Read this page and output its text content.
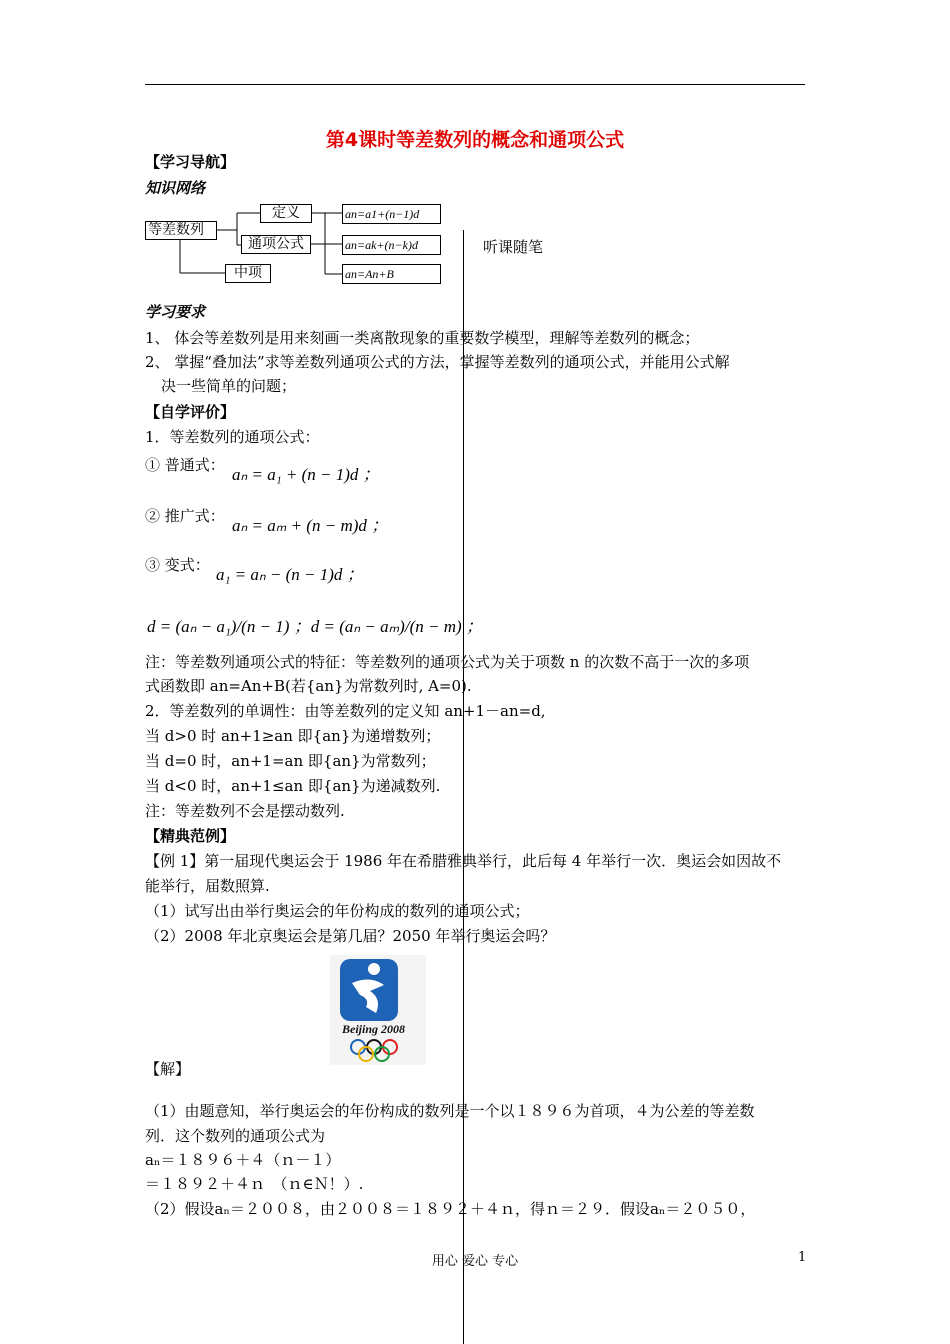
第4课时等差数列的概念和通项公式
【学习导航】
知识网络
等差数列
定义
通项公式
中项
an=a1+(n−1)d
an=ak+(n−k)d
an=An+B
听课随笔
学习要求
1、 体会等差数列是用来刻画一类离散现象的重要数学模型，理解等差数列的概念；
2、 掌握“叠加法”求等差数列通项公式的方法，掌握等差数列的通项公式，并能用公式解
决一些简单的问题；
【自学评价】
1．等差数列的通项公式：
① 普通式： aₙ = a₁ + (n − 1)d ；
② 推广式： aₙ = aₘ + (n − m)d ；
③ 变式： a₁ = aₙ − (n − 1)d ；
d = (aₙ − a₁)/(n − 1) ；d = (aₙ − aₘ)/(n − m) ；
注：等差数列通项公式的特征：等差数列的通项公式为关于项数 n 的次数不高于一次的多项
式函数即 an=An+B(若{an}为常数列时, A=0).
2．等差数列的单调性：由等差数列的定义知 an+1－an=d,
当 d>0 时 an+1≥an 即{an}为递增数列；
当 d=0 时，an+1=an 即{an}为常数列；
当 d<0 时，an+1≤an 即{an}为递减数列.
注：等差数列不会是摆动数列.
【精典范例】
【例 1】第一届现代奥运会于 1986 年在希腊雅典举行，此后每 4 年举行一次．奥运会如因故不
能举行，届数照算.
（1）试写出由举行奥运会的年份构成的数列的通项公式；
（2）2008 年北京奥运会是第几届？2050 年举行奥运会吗？
Beijing 2008
【解】
（1）由题意知，举行奥运会的年份构成的数列是一个以１８９６为首项，４为公差的等差数
列．这个数列的通项公式为
aₙ＝１８９６＋４（ｎ－１）
＝１８９２＋４ｎ　（ｎ∈Ｎ！）.
（2）假设aₙ＝２００８，由２００８＝１８９２＋４ｎ，得ｎ＝２９．假设aₙ＝２０５０，
用心 爱心 专心	1
